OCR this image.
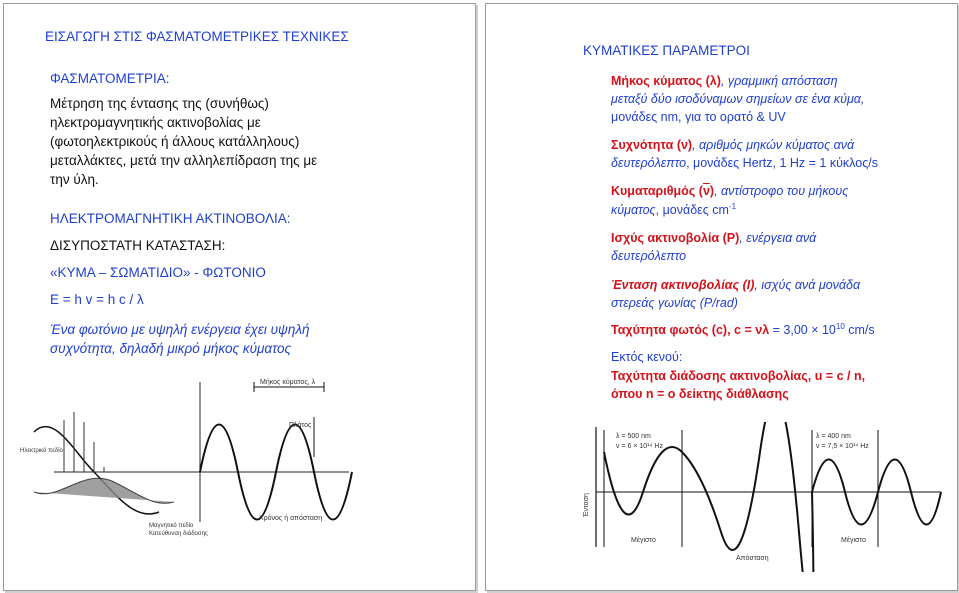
ΕΙΣΑΓΩΓΗ ΣΤΙΣ ΦΑΣΜΑΤΟΜΕΤΡΙΚΕΣ ΤΕΧΝΙΚΕΣ
ΦΑΣΜΑΤΟΜΕΤΡΙΑ:
Μέτρηση της έντασης της (συνήθως)
ηλεκτρομαγνητικής ακτινοβολίας με
(φωτοηλεκτρικούς ή άλλους κατάλληλους)
μεταλλάκτες, μετά την αλληλεπίδραση της με
την ύλη.
ΗΛΕΚΤΡΟΜΑΓΝΗΤΙΚΗ ΑΚΤΙΝΟΒΟΛΙΑ:
ΔΙΣΥΠΟΣΤΑΤΗ ΚΑΤΑΣΤΑΣΗ:
«ΚΥΜΑ – ΣΩΜΑΤΙΔΙΟ» - ΦΩΤΟΝΙΟ
E = h v = h c / λ
Ένα φωτόνιο με υψηλή ενέργεια έχει υψηλή
συχνότητα, δηλαδή μικρό μήκος κύματος
Μήκος κύματος, λ
Πλάτος
Ηλεκτρικό πεδίο
Χρόνος ή απόσταση
Μαγνητικό πεδίο
Κατεύθυνση διάδοσης
ΚΥΜΑΤΙΚΕΣ ΠΑΡΑΜΕΤΡΟΙ
Μήκος κύματος (λ), γραμμική απόσταση
μεταξύ δύο ισοδύναμων σημείων σε ένα κύμα,
μονάδες nm, για το ορατό & UV
Συχνότητα (ν), αριθμός μηκών κύματος ανά
δευτερόλεπτο, μονάδες Hertz, 1 Hz = 1 κύκλος/s
Κυματαριθμός $(\overline{\nu})$, αντίστροφο του μήκους
κύματος, μονάδες $cm^{-1}$
Ισχύς ακτινοβολία (P), ενέργεια ανά
δευτερόλεπτο
Ένταση ακτινοβολίας (I), ισχύς ανά μονάδα
στερεάς γωνίας (P/rad)
Ταχύτητα φωτός (c), $c = \nu\lambda = 3,00 \times 10^{10}$ cm/s
Εκτός κενού:
Ταχύτητα διάδοσης ακτινοβολίας, u = c / n,
όπου n = ο δείκτης διάθλασης
λ = 500 nm
ν = 6 × 10¹⁴ Hz
λ = 400 nm
ν = 7,5 × 10¹⁴ Hz
Ένταση
Μέγιστο	Μέγιστο
Απόσταση
